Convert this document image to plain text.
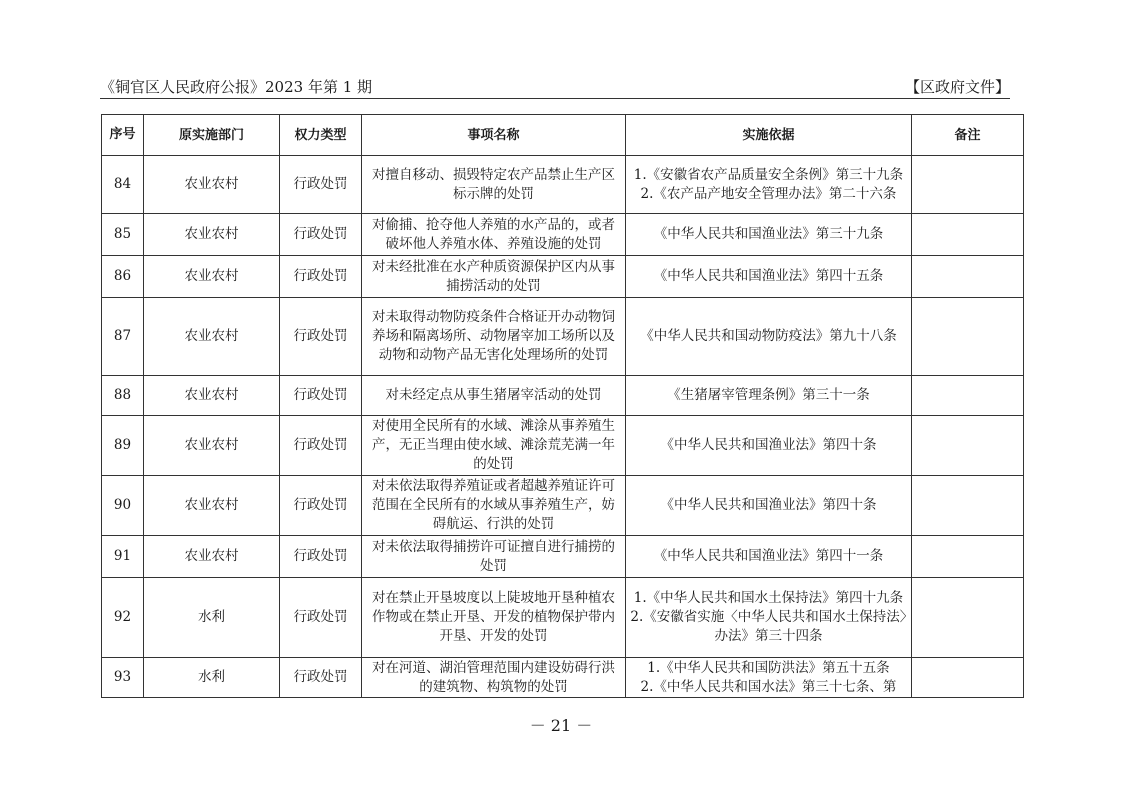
《铜官区人民政府公报》2023 年第 1 期	【区政府文件】
序号	原实施部门	权力类型	事项名称	实施依据	备注
84	农业农村	行政处罚	对擅自移动、损毁特定农产品禁止生产区标示牌的处罚	1.《安徽省农产品质量安全条例》第三十九条
2.《农产品产地安全管理办法》第二十六条	
85	农业农村	行政处罚	对偷捕、抢夺他人养殖的水产品的，或者破坏他人养殖水体、养殖设施的处罚	《中华人民共和国渔业法》第三十九条	
86	农业农村	行政处罚	对未经批准在水产种质资源保护区内从事捕捞活动的处罚	《中华人民共和国渔业法》第四十五条	
87	农业农村	行政处罚	对未取得动物防疫条件合格证开办动物饲养场和隔离场所、动物屠宰加工场所以及动物和动物产品无害化处理场所的处罚	《中华人民共和国动物防疫法》第九十八条	
88	农业农村	行政处罚	对未经定点从事生猪屠宰活动的处罚	《生猪屠宰管理条例》第三十一条	
89	农业农村	行政处罚	对使用全民所有的水域、滩涂从事养殖生产，无正当理由使水域、滩涂荒芜满一年的处罚	《中华人民共和国渔业法》第四十条	
90	农业农村	行政处罚	对未依法取得养殖证或者超越养殖证许可范围在全民所有的水域从事养殖生产，妨碍航运、行洪的处罚	《中华人民共和国渔业法》第四十条	
91	农业农村	行政处罚	对未依法取得捕捞许可证擅自进行捕捞的处罚	《中华人民共和国渔业法》第四十一条	
92	水利	行政处罚	对在禁止开垦坡度以上陡坡地开垦种植农作物或在禁止开垦、开发的植物保护带内开垦、开发的处罚	1.《中华人民共和国水土保持法》第四十九条
2.《安徽省实施〈中华人民共和国水土保持法〉办法》第三十四条	
93	水利	行政处罚	对在河道、湖泊管理范围内建设妨碍行洪的建筑物、构筑物的处罚	1.《中华人民共和国防洪法》第五十五条
2.《中华人民共和国水法》第三十七条、第	
－ 21 －
